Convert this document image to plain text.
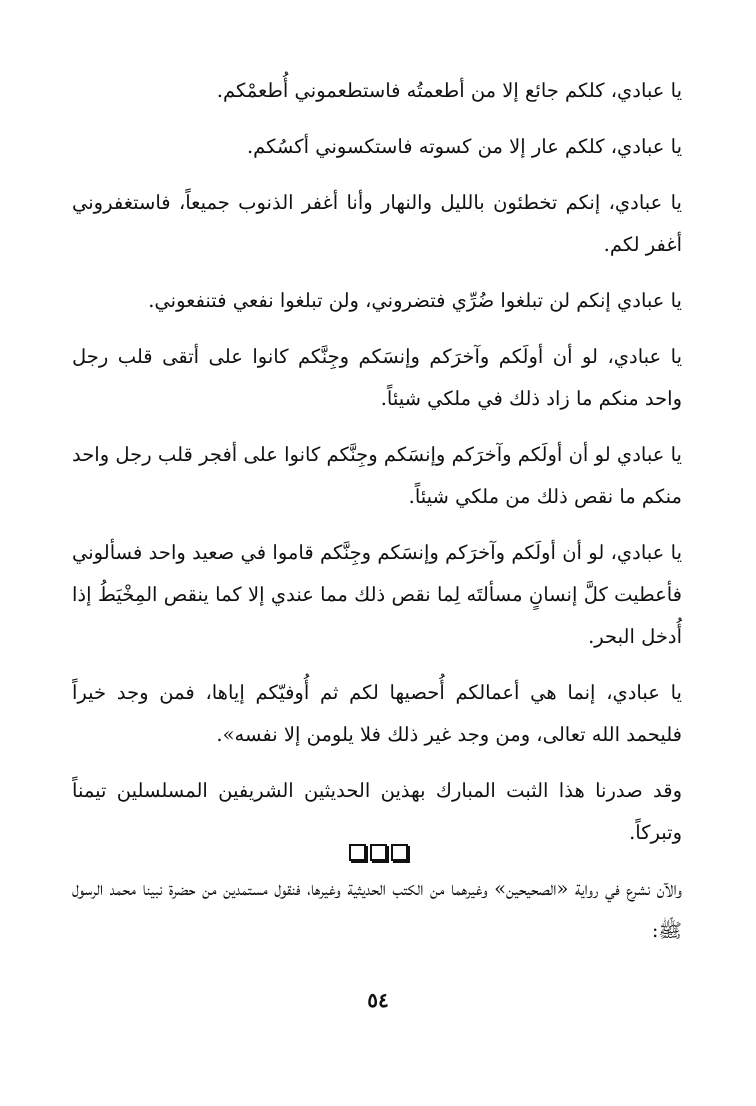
يا عبادي، كلكم جائع إلا من أطعمتُه فاستطعموني أُطعمْكم.

يا عبادي، كلكم عار إلا من كسوته فاستكسوني أكسُكم.

يا عبادي، إنكم تخطئون بالليل والنهار وأنا أغفر الذنوب جميعاً، فاستغفروني أغفر لكم.

يا عبادي إنكم لن تبلغوا ضُرِّي فتضروني، ولن تبلغوا نفعي فتنفعوني.

يا عبادي، لو أن أولَكم وآخرَكم وإنسَكم وجِنَّكم كانوا على أتقى قلب رجل واحد منكم ما زاد ذلك في ملكي شيئاً.

يا عبادي لو أن أولَكم وآخرَكم وإنسَكم وجِنَّكم كانوا على أفجر قلب رجل واحد منكم ما نقص ذلك من ملكي شيئاً.

يا عبادي، لو أن أولَكم وآخرَكم وإنسَكم وجِنَّكم قاموا في صعيد واحد فسألوني فأعطيت كلَّ إنسانٍ مسألتَه لِما نقص ذلك مما عندي إلا كما ينقص المِخْيَطُ إذا أُدخل البحر.

يا عبادي، إنما هي أعمالكم أُحصيها لكم ثم أُوفيّكم إياها، فمن وجد خيراً فليحمد الله تعالى، ومن وجد غير ذلك فلا يلومن إلا نفسه».

وقد صدرنا هذا الثبت المبارك بهذين الحديثين الشريفين المسلسلين تيمناً وتبركاً.

والآن نشرع في رواية «الصحيحين» وغيرهما من الكتب الحديثية وغيرها، فنقول مستمدين من حضرة نبينا محمد الرسول ﷺ:

٥٤
